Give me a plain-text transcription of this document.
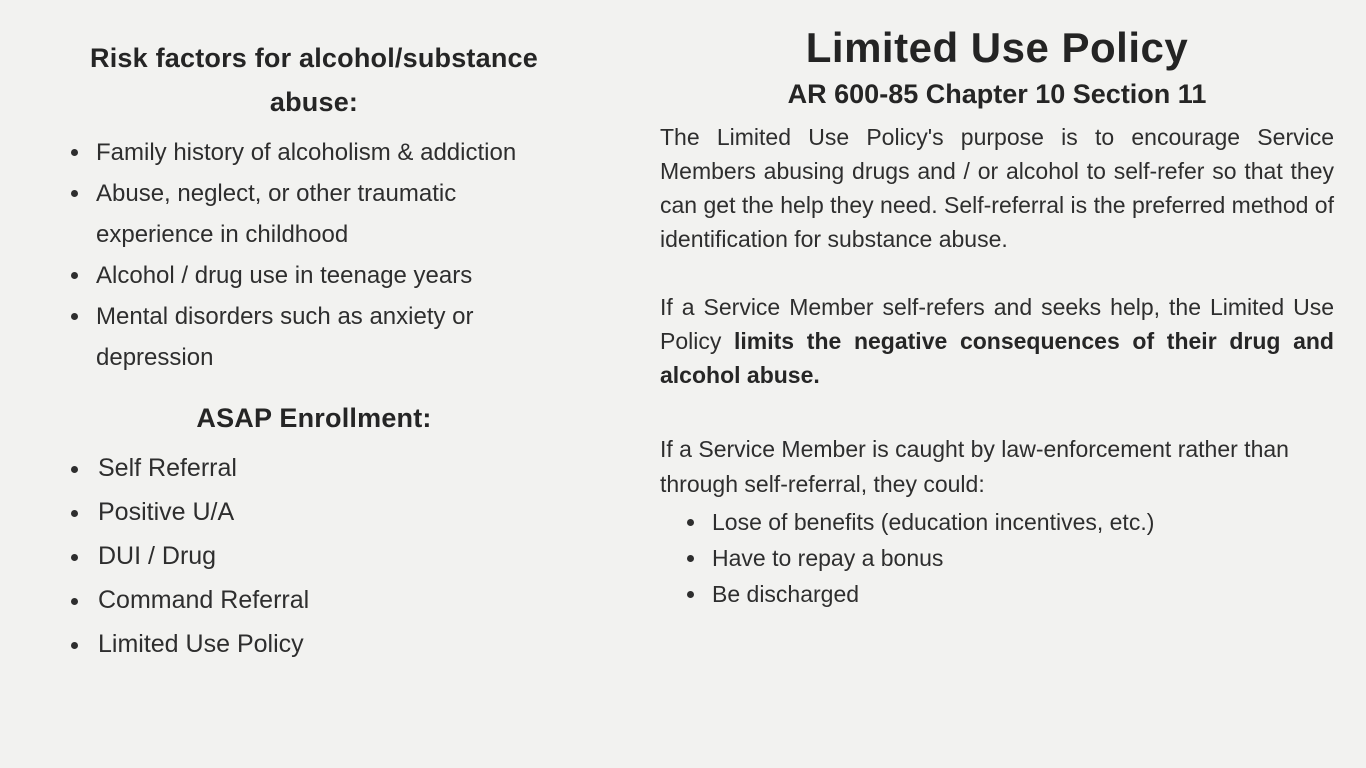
Risk factors for alcohol/substance abuse:
• Family history of alcoholism & addiction
• Abuse, neglect, or other traumatic experience in childhood
• Alcohol / drug use in teenage years
• Mental disorders such as anxiety or depression
ASAP Enrollment:
• Self Referral
• Positive U/A
• DUI / Drug
• Command Referral
• Limited Use Policy
Limited Use Policy
AR 600-85 Chapter 10 Section 11

The Limited Use Policy's purpose is to encourage Service Members abusing drugs and / or alcohol to self-refer so that they can get the help they need. Self-referral is the preferred method of identification for substance abuse.

If a Service Member self-refers and seeks help, the Limited Use Policy limits the negative consequences of their drug and alcohol abuse.

If a Service Member is caught by law-enforcement rather than through self-referral, they could:

• Lose of benefits (education incentives, etc.)
• Have to repay a bonus
• Be discharged
